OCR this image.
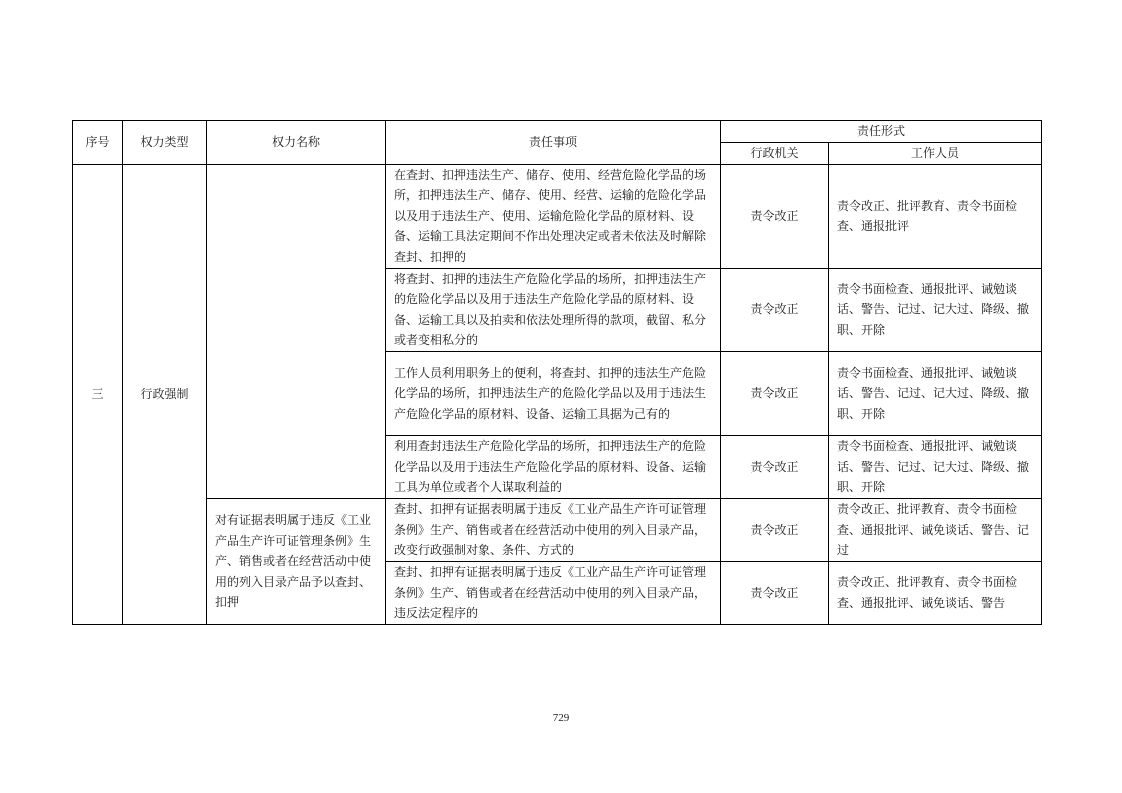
序号	权力类型	权力名称	责任事项	责任形式	
				行政机关	工作人员
三	行政强制		在查封、扣押违法生产、储存、使用、经营危险化学品的场所，扣押违法生产、储存、使用、经营、运输的危险化学品以及用于违法生产、使用、运输危险化学品的原材料、设备、运输工具法定期间不作出处理决定或者未依法及时解除查封、扣押的	责令改正	责令改正、批评教育、责令书面检查、通报批评
			将查封、扣押的违法生产危险化学品的场所，扣押违法生产的危险化学品以及用于违法生产危险化学品的原材料、设备、运输工具以及拍卖和依法处理所得的款项，截留、私分或者变相私分的	责令改正	责令书面检查、通报批评、诫勉谈话、警告、记过、记大过、降级、撤职、开除
			工作人员利用职务上的便利，将查封、扣押的违法生产危险化学品的场所，扣押违法生产的危险化学品以及用于违法生产危险化学品的原材料、设备、运输工具据为己有的	责令改正	责令书面检查、通报批评、诫勉谈话、警告、记过、记大过、降级、撤职、开除
			利用查封违法生产危险化学品的场所，扣押违法生产的危险化学品以及用于违法生产危险化学品的原材料、设备、运输工具为单位或者个人谋取利益的	责令改正	责令书面检查、通报批评、诫勉谈话、警告、记过、记大过、降级、撤职、开除
		对有证据表明属于违反《工业产品生产许可证管理条例》生产、销售或者在经营活动中使用的列入目录产品予以查封、扣押	查封、扣押有证据表明属于违反《工业产品生产许可证管理条例》生产、销售或者在经营活动中使用的列入目录产品，改变行政强制对象、条件、方式的	责令改正	责令改正、批评教育、责令书面检查、通报批评、诫免谈话、警告、记过
			查封、扣押有证据表明属于违反《工业产品生产许可证管理条例》生产、销售或者在经营活动中使用的列入目录产品，违反法定程序的	责令改正	责令改正、批评教育、责令书面检查、通报批评、诫免谈话、警告
729
